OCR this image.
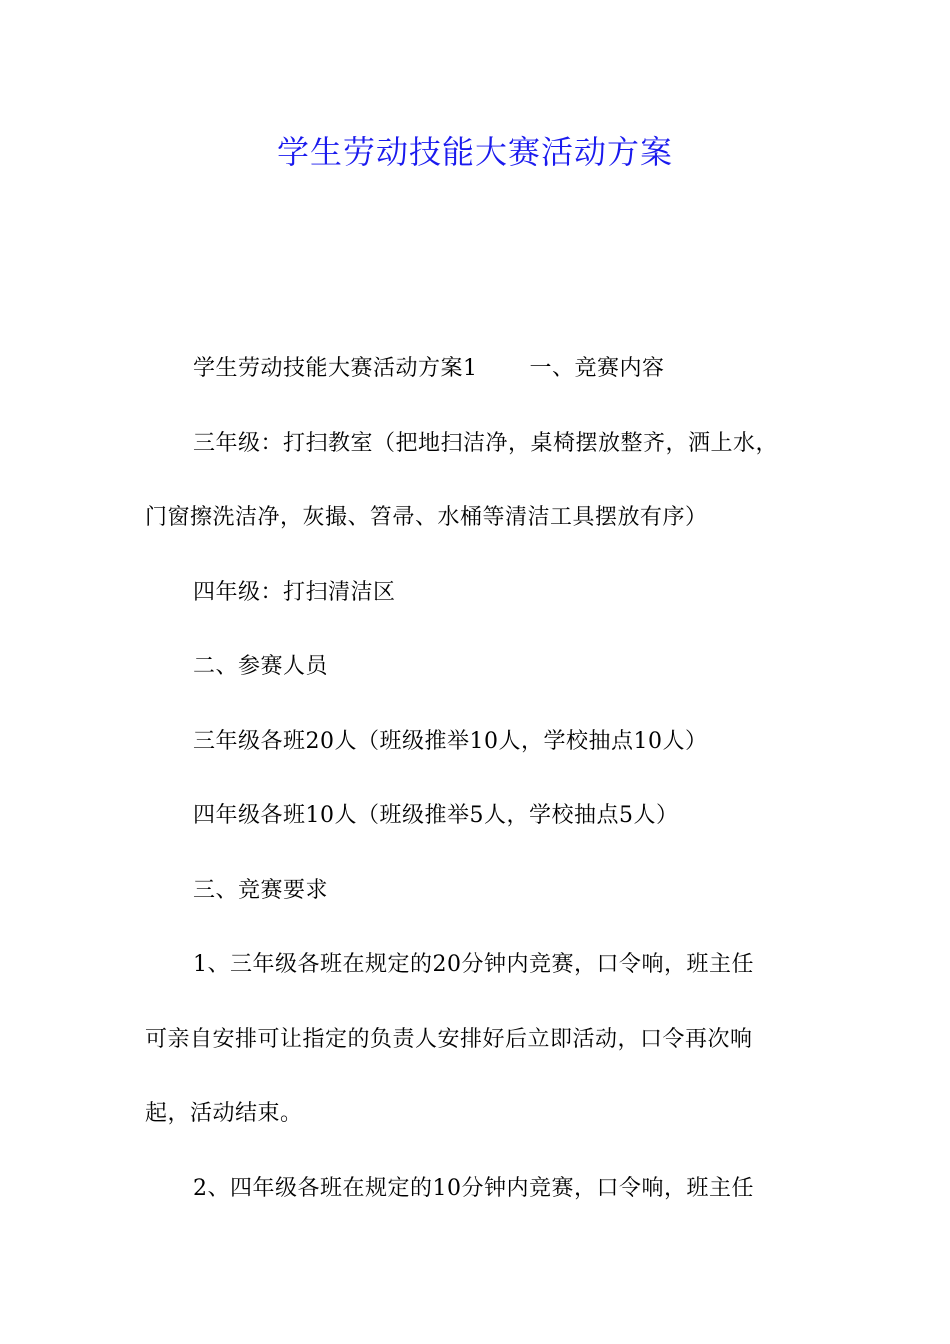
学生劳动技能大赛活动方案

学生劳动技能大赛活动方案1 一、竞赛内容

三年级：打扫教室（把地扫洁净，桌椅摆放整齐，洒上水，

门窗擦洗洁净，灰撮、笤帚、水桶等清洁工具摆放有序）

四年级：打扫清洁区

二、参赛人员

三年级各班20人（班级推举10人，学校抽点10人）

四年级各班10人（班级推举5人，学校抽点5人）

三、竞赛要求

1、三年级各班在规定的20分钟内竞赛，口令响，班主任

可亲自安排可让指定的负责人安排好后立即活动，口令再次响

起，活动结束。

2、四年级各班在规定的10分钟内竞赛，口令响，班主任
